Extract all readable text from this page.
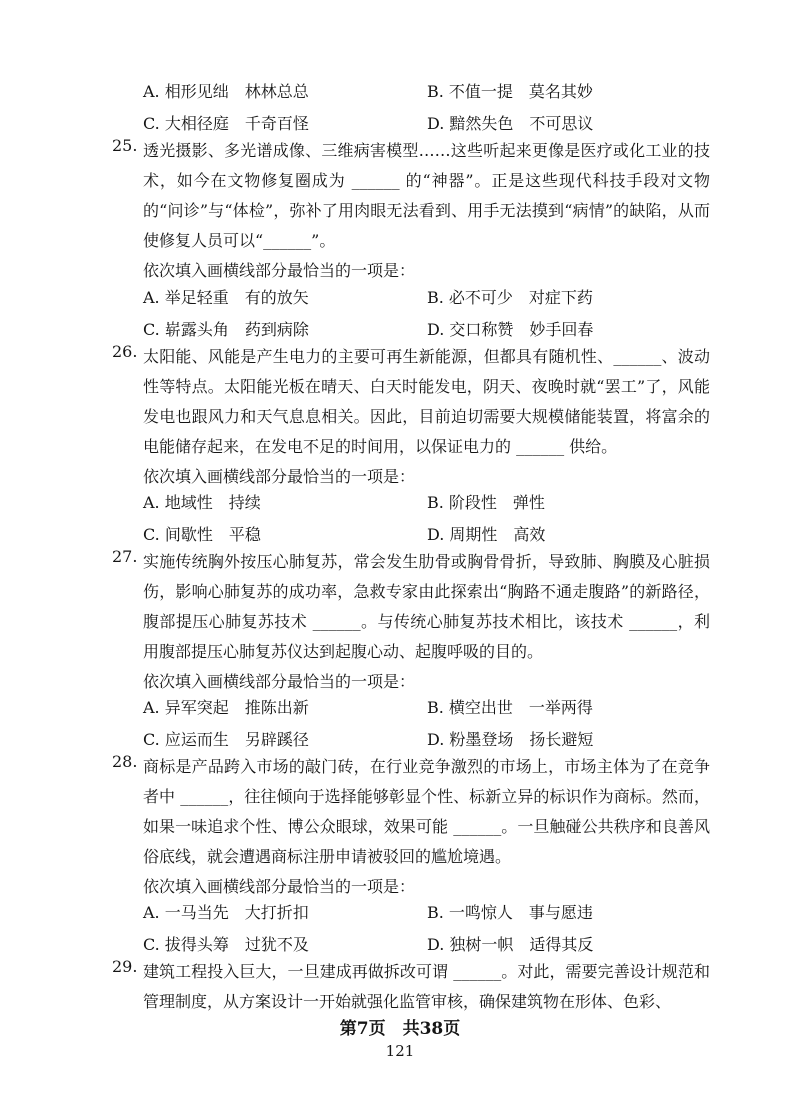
A. 相形见绌　林林总总	B. 不值一提　莫名其妙
C. 大相径庭　千奇百怪	D. 黯然失色　不可思议
25. 透光摄影、多光谱成像、三维病害模型……这些听起来更像是医疗或化工业的技术，如今在文物修复圈成为 ______ 的“神器”。正是这些现代科技手段对文物的“问诊”与“体检”，弥补了用肉眼无法看到、用手无法摸到“病情”的缺陷，从而使修复人员可以“______”。
依次填入画横线部分最恰当的一项是：
A. 举足轻重　有的放矢	B. 必不可少　对症下药
C. 崭露头角　药到病除	D. 交口称赞　妙手回春
26. 太阳能、风能是产生电力的主要可再生新能源，但都具有随机性、______、波动性等特点。太阳能光板在晴天、白天时能发电，阴天、夜晚时就“罢工”了，风能发电也跟风力和天气息息相关。因此，目前迫切需要大规模储能装置，将富余的电能储存起来，在发电不足的时间用，以保证电力的 ______ 供给。
依次填入画横线部分最恰当的一项是：
A. 地域性　持续	B. 阶段性　弹性
C. 间歇性　平稳	D. 周期性　高效
27. 实施传统胸外按压心肺复苏，常会发生肋骨或胸骨骨折，导致肺、胸膜及心脏损伤，影响心肺复苏的成功率，急救专家由此探索出“胸路不通走腹路”的新路径，腹部提压心肺复苏技术 ______。与传统心肺复苏技术相比，该技术 ______，利用腹部提压心肺复苏仪达到起腹心动、起腹呼吸的目的。
依次填入画横线部分最恰当的一项是：
A. 异军突起　推陈出新	B. 横空出世　一举两得
C. 应运而生　另辟蹊径	D. 粉墨登场　扬长避短
28. 商标是产品跨入市场的敲门砖，在行业竞争激烈的市场上，市场主体为了在竞争者中 ______，往往倾向于选择能够彰显个性、标新立异的标识作为商标。然而，如果一味追求个性、博公众眼球，效果可能 ______。一旦触碰公共秩序和良善风俗底线，就会遭遇商标注册申请被驳回的尴尬境遇。
依次填入画横线部分最恰当的一项是：
A. 一马当先　大打折扣	B. 一鸣惊人　事与愿违
C. 拔得头筹　过犹不及	D. 独树一帜　适得其反
29. 建筑工程投入巨大，一旦建成再做拆改可谓 ______。对此，需要完善设计规范和管理制度，从方案设计一开始就强化监管审核，确保建筑物在形体、色彩、
第7页　共38页
121
